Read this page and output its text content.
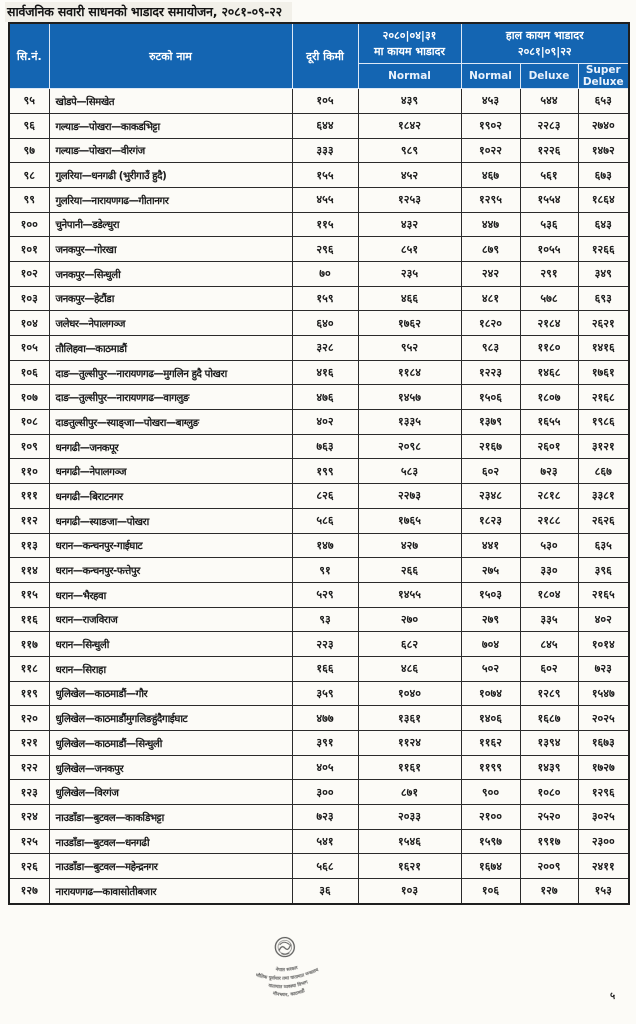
सार्वजनिक सवारी साधनको भाडादर समायोजन, २०८१-०९-२२
सि.नं.	रुटको नाम	दूरी किमी	२०८०|०४|३१
मा कायम भाडादर	हाल कायम भाडादर
२०८१|०९|२२		

			Normal	Normal	Deluxe	Super Deluxe
९५	खोडपे—सिमखेत	१०५	४३९	४५३	५४४	६५३
९६	गल्याङ—पोखरा—काकडभिट्टा	६४४	१८४२	१९०२	२२८३	२७४०
९७	गल्याङ—पोखरा—वीरगंज	३३३	९८९	१०२२	१२२६	१४७२
९८	गुलरिया—धनगढी (भुरीगाउँ हुदै)	१५५	४५२	४६७	५६१	६७३
९९	गुलरिया—नारायणगढ—गीतानगर	४५५	१२५३	१२९५	१५५४	१८६४
१००	चुनेपानी—डडेल्धुरा	११५	४३२	४४७	५३६	६४३
१०१	जनकपुर—गोरखा	२९६	८५१	८७९	१०५५	१२६६
१०२	जनकपुर—सिन्धुली	७०	२३५	२४२	२९१	३४९
१०३	जनकपुर—हेटौंडा	१५९	४६६	४८१	५७८	६९३
१०४	जलेधर—नेपालगञ्ज	६४०	१७६२	१८२०	२१८४	२६२१
१०५	तौलिहवा—काठमाडौं	३२८	९५२	९८३	११८०	१४१६
१०६	दाङ—तुल्सीपुर—नारायणगढ—मुगलिन हुदै पोखरा	४१६	११८४	१२२३	१४६८	१७६१
१०७	दाङ—तुल्सीपुर—नारायणगढ—वागलुङ	४७६	१४५७	१५०६	१८०७	२१६८
१०८	दाङतुल्सीपुर—स्याङ्जा—पोखरा—बाग्लुङ	४०२	१३३५	१३७९	१६५५	१९८६
१०९	धनगढी—जनकपूर	७६३	२०९८	२१६७	२६०१	३१२१
११०	धनगढी—नेपालगञ्ज	१९९	५८३	६०२	७२३	८६७
१११	धनगढी—बिराटनगर	८२६	२२७३	२३४८	२८१८	३३८१
११२	धनगढी—स्याङजा—पोखरा	५८६	१७६५	१८२३	२१८८	२६२६
११३	धरान—कन्चनपुर-गाईघाट	१४७	४२७	४४१	५३०	६३५
११४	धरान—कन्चनपुर-फत्तेपुर	९१	२६६	२७५	३३०	३९६
११५	धरान—भैरहवा	५२९	१४५५	१५०३	१८०४	२१६५
११६	धरान—राजविराज	९३	२७०	२७९	३३५	४०२
११७	धरान—सिन्धुली	२२३	६८२	७०४	८४५	१०१४
११८	धरान—सिराहा	१६६	४८६	५०२	६०२	७२३
११९	धुलिखेल—काठमाडौं—गौर	३५९	१०४०	१०७४	१२८९	१५४७
१२०	धुलिखेल—काठमाडौंमुगलिङहुंदैगाईघाट	४७७	१३६१	१४०६	१६८७	२०२५
१२१	धुलिखेल—काठमाडौं—सिन्धुली	३९१	११२४	११६२	१३९४	१६७३
१२२	धुलिखेल—जनकपुर	४०५	११६१	११९९	१४३९	१७२७
१२३	धुलिखेल—विरगंज	३००	८७१	९००	१०८०	१२९६
१२४	नाउडाँडा—बुटवल—काकडिभट्टा	७२३	२०३३	२१००	२५२०	३०२५
१२५	नाउडाँडा—बुटवल—धनगढी	५४१	१५४६	१५९७	१९१७	२३००
१२६	नाउडाँडा—बुटवल—महेन्द्रनगर	५६८	१६२१	१६७४	२००९	२४११
१२७	नारायणगढ—कावासोतीबजार	३६	१०३	१०६	१२७	१५३
नेपाल सरकार
भौतिक पूर्वाधार तथा यातायात मन्त्रालय
यातायात व्यवस्था विभाग
मीनभवन, काठमाडौं	५
